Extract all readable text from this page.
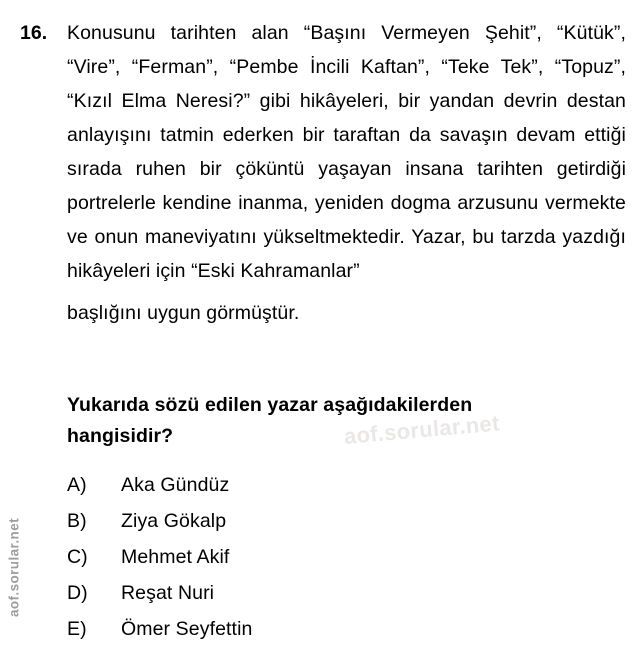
16.	Konusunu tarihten alan “Başını Vermeyen Şehit”, “Kütük”, “Vire”, “Ferman”, “Pembe İncili Kaftan”, “Teke Tek”, “Topuz”, “Kızıl Elma Neresi?” gibi hikâyeleri, bir yandan devrin destan anlayışını tatmin ederken bir taraftan da savaşın devam ettiği sırada ruhen bir çöküntü yaşayan insana tarihten getirdiği portrelerle kendine inanma, yeniden dogma arzusunu vermekte ve onun maneviyatını yükseltmektedir. Yazar, bu tarzda yazdığı hikâyeleri için “Eski Kahramanlar”

başlığını uygun görmüştür.

Yukarıda sözü edilen yazar aşağıdakilerden
hangisidir?
A)	Aka Gündüz
B)	Ziya Gökalp
C)	Mehmet Akif
D)	Reşat Nuri
E)	Ömer Seyfettin
aof.sorular.net
aof.sorular.net
